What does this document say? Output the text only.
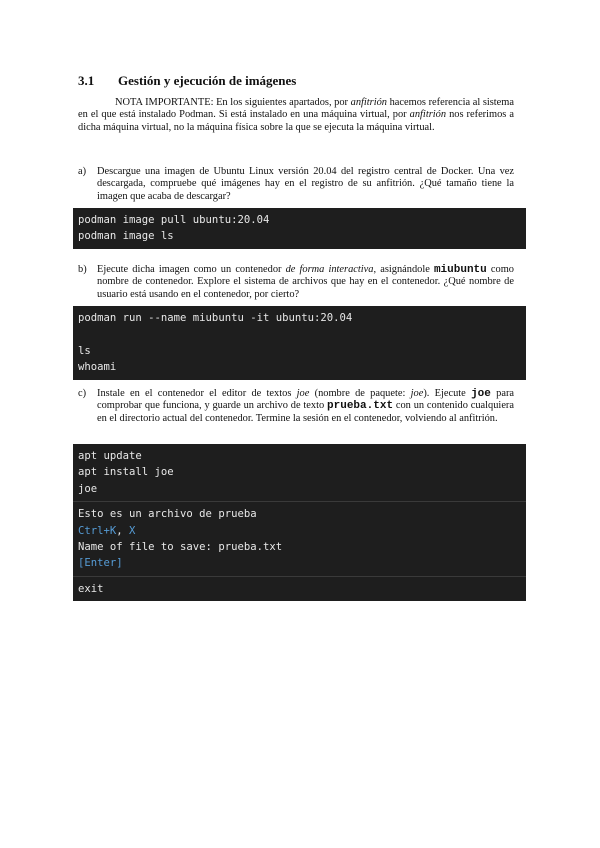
3.1 Gestión y ejecución de imágenes
NOTA IMPORTANTE: En los siguientes apartados, por anfitrión hacemos referencia al sistema en el que está instalado Podman. Si está instalado en una máquina virtual, por anfitrión nos referimos a dicha máquina virtual, no la máquina física sobre la que se ejecuta la máquina virtual.
a) Descargue una imagen de Ubuntu Linux versión 20.04 del registro central de Docker. Una vez descargada, compruebe qué imágenes hay en el registro de su anfitrión. ¿Qué tamaño tiene la imagen que acaba de descargar?
podman image pull ubuntu:20.04
podman image ls
b) Ejecute dicha imagen como un contenedor de forma interactiva, asignándole miubuntu como nombre de contenedor. Explore el sistema de archivos que hay en el contenedor. ¿Qué nombre de usuario está usando en el contenedor, por cierto?
podman run --name miubuntu -it ubuntu:20.04
ls
whoami
c) Instale en el contenedor el editor de textos joe (nombre de paquete: joe). Ejecute joe para comprobar que funciona, y guarde un archivo de texto prueba.txt con un contenido cualquiera en el directorio actual del contenedor. Termine la sesión en el contenedor, volviendo al anfitrión.
apt update
apt install joe
joe
Esto es un archivo de prueba
Ctrl+K, X
Name of file to save: prueba.txt
[Enter]
exit
